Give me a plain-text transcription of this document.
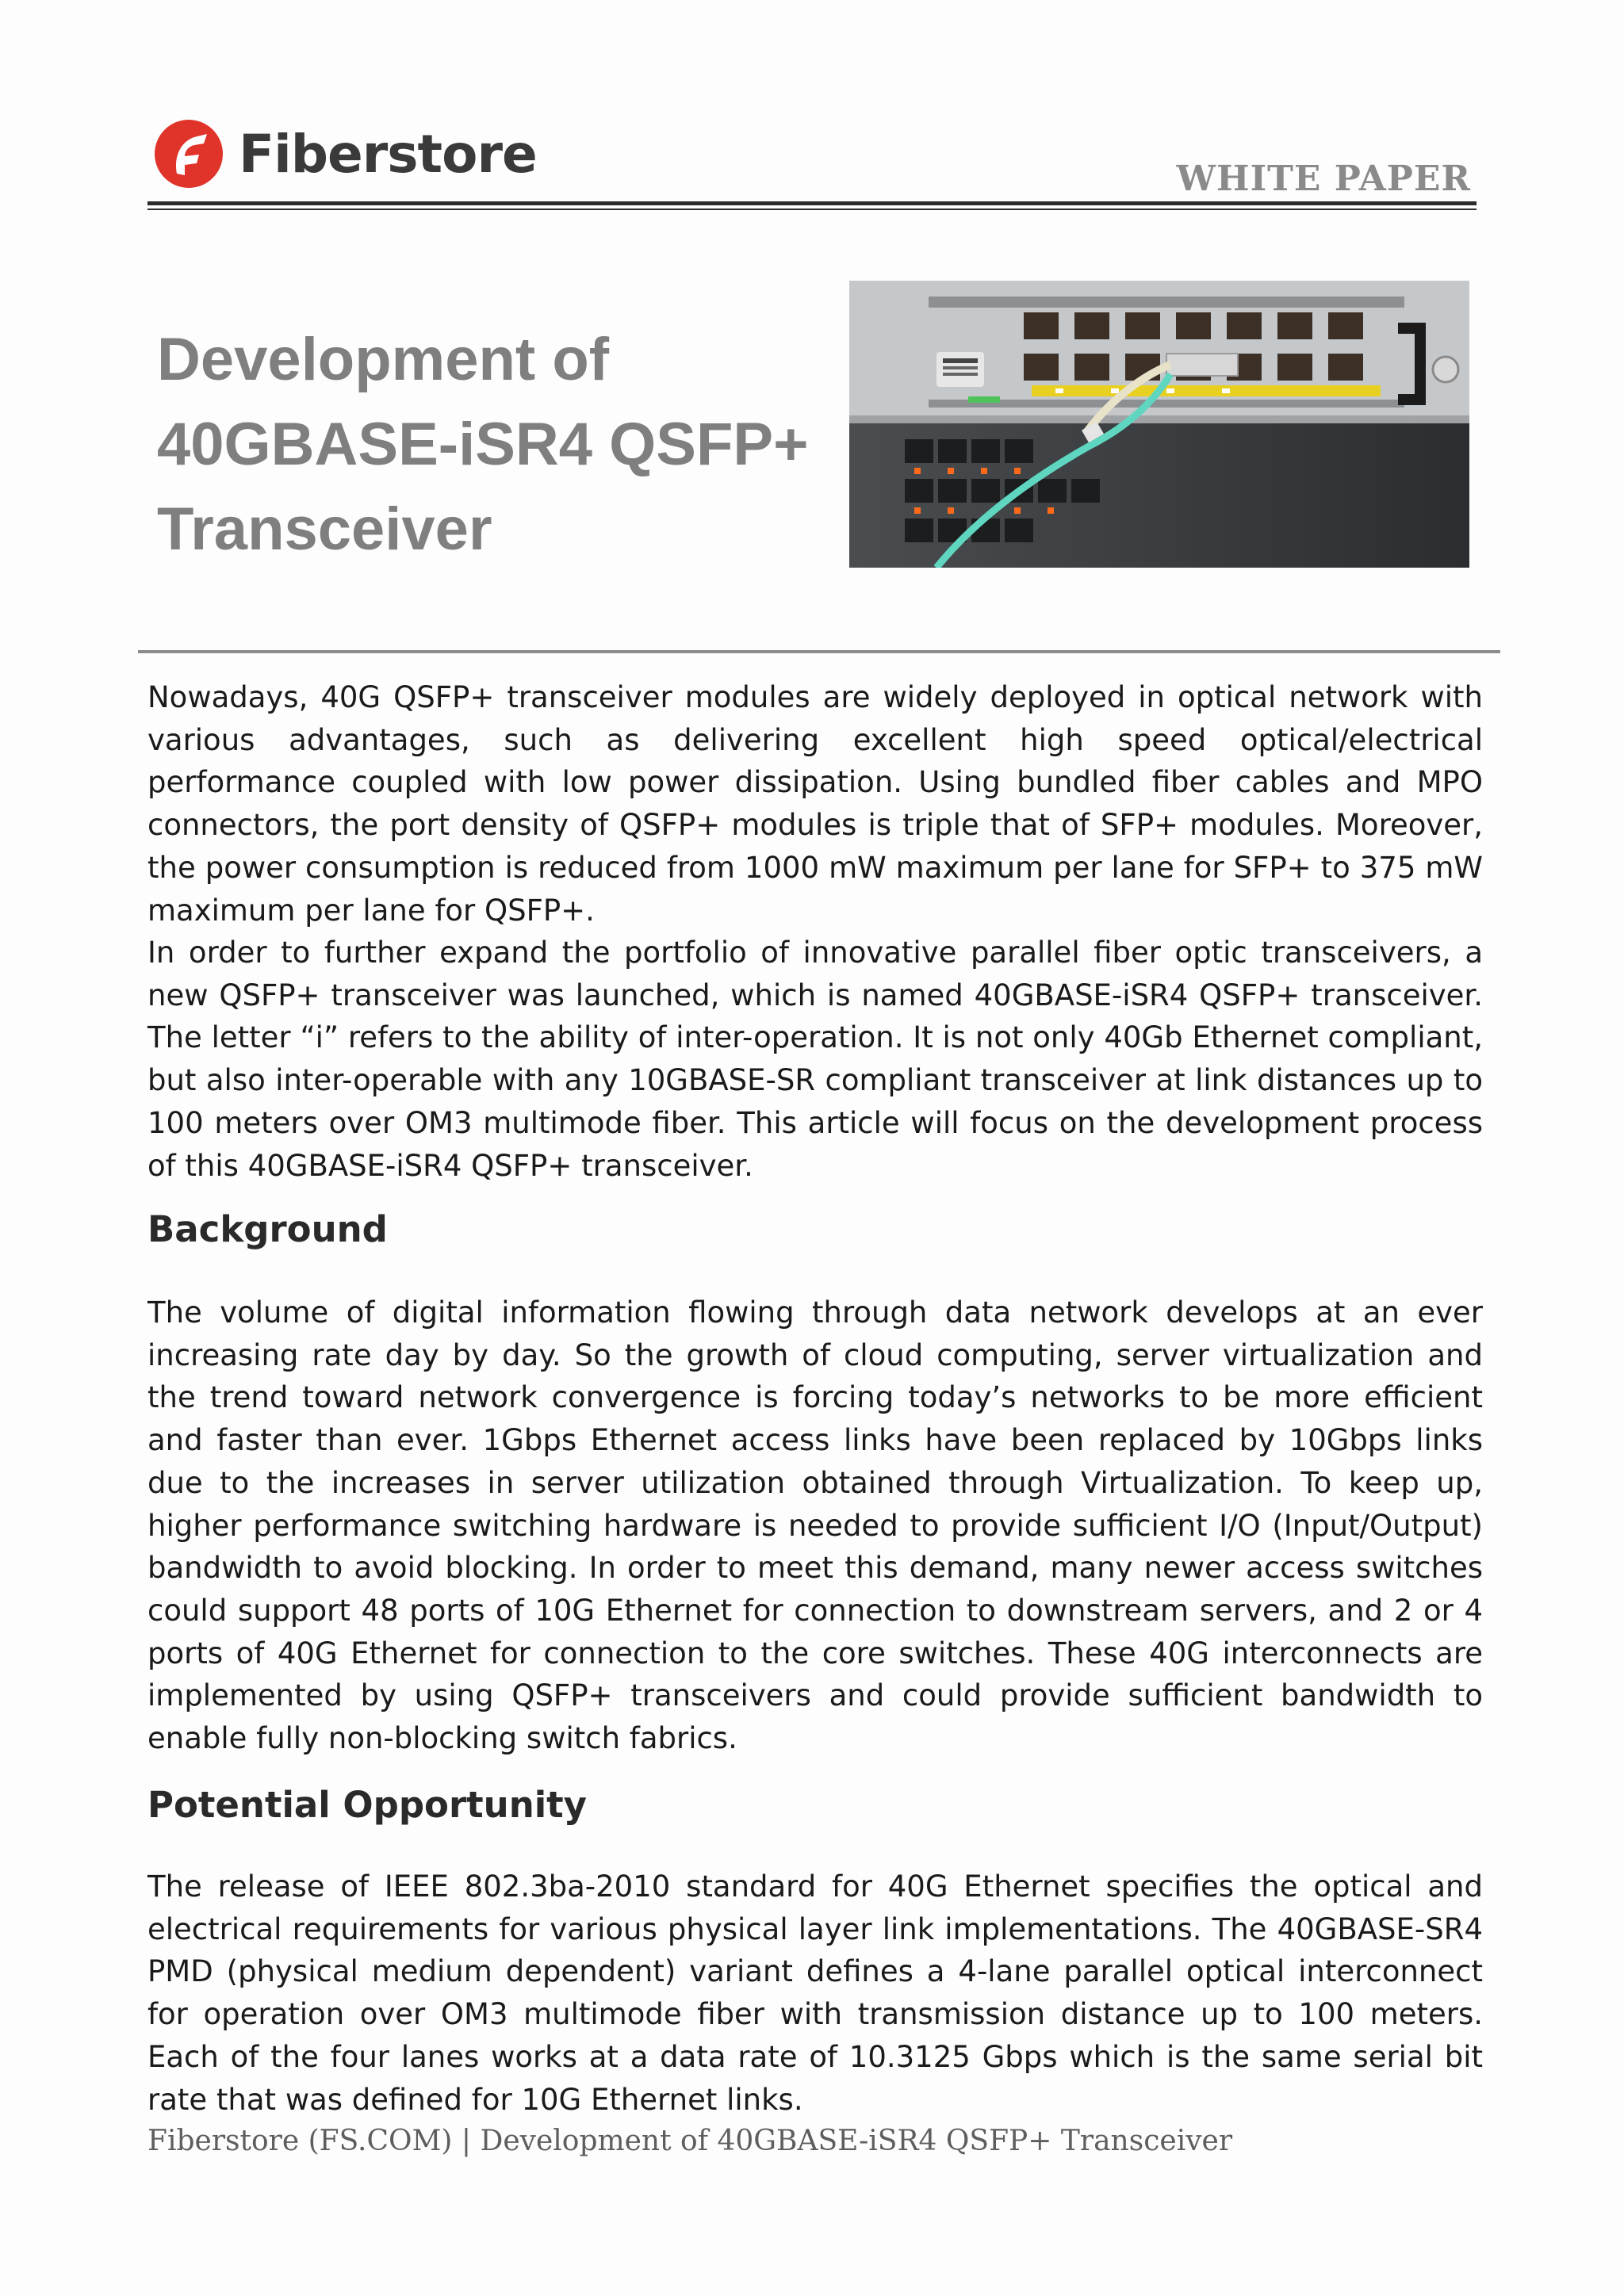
Fiberstore	WHITE PAPER
Development of
40GBASE-iSR4 QSFP+
Transceiver

Nowadays, 40G QSFP+ transceiver modules are widely deployed in optical network with various advantages, such as delivering excellent high speed optical/electrical performance coupled with low power dissipation. Using bundled fiber cables and MPO connectors, the port density of QSFP+ modules is triple that of SFP+ modules. Moreover, the power consumption is reduced from 1000 mW maximum per lane for SFP+ to 375 mW maximum per lane for QSFP+.

In order to further expand the portfolio of innovative parallel fiber optic transceivers, a new QSFP+ transceiver was launched, which is named 40GBASE-iSR4 QSFP+ transceiver. The letter “i” refers to the ability of inter-operation. It is not only 40Gb Ethernet compliant, but also inter-operable with any 10GBASE-SR compliant transceiver at link distances up to 100 meters over OM3 multimode fiber. This article will focus on the development process of this 40GBASE-iSR4 QSFP+ transceiver.

Background

The volume of digital information flowing through data network develops at an ever increasing rate day by day. So the growth of cloud computing, server virtualization and the trend toward network convergence is forcing today’s networks to be more efficient and faster than ever. 1Gbps Ethernet access links have been replaced by 10Gbps links due to the increases in server utilization obtained through Virtualization. To keep up, higher performance switching hardware is needed to provide sufficient I/O (Input/Output) bandwidth to avoid blocking. In order to meet this demand, many newer access switches could support 48 ports of 10G Ethernet for connection to downstream servers, and 2 or 4 ports of 40G Ethernet for connection to the core switches. These 40G interconnects are implemented by using QSFP+ transceivers and could provide sufficient bandwidth to enable fully non-blocking switch fabrics.

Potential Opportunity

The release of IEEE 802.3ba-2010 standard for 40G Ethernet specifies the optical and electrical requirements for various physical layer link implementations. The 40GBASE-SR4 PMD (physical medium dependent) variant defines a 4-lane parallel optical interconnect for operation over OM3 multimode fiber with transmission distance up to 100 meters. Each of the four lanes works at a data rate of 10.3125 Gbps which is the same serial bit rate that was defined for 10G Ethernet links.

Fiberstore (FS.COM) | Development of 40GBASE-iSR4 QSFP+ Transceiver
